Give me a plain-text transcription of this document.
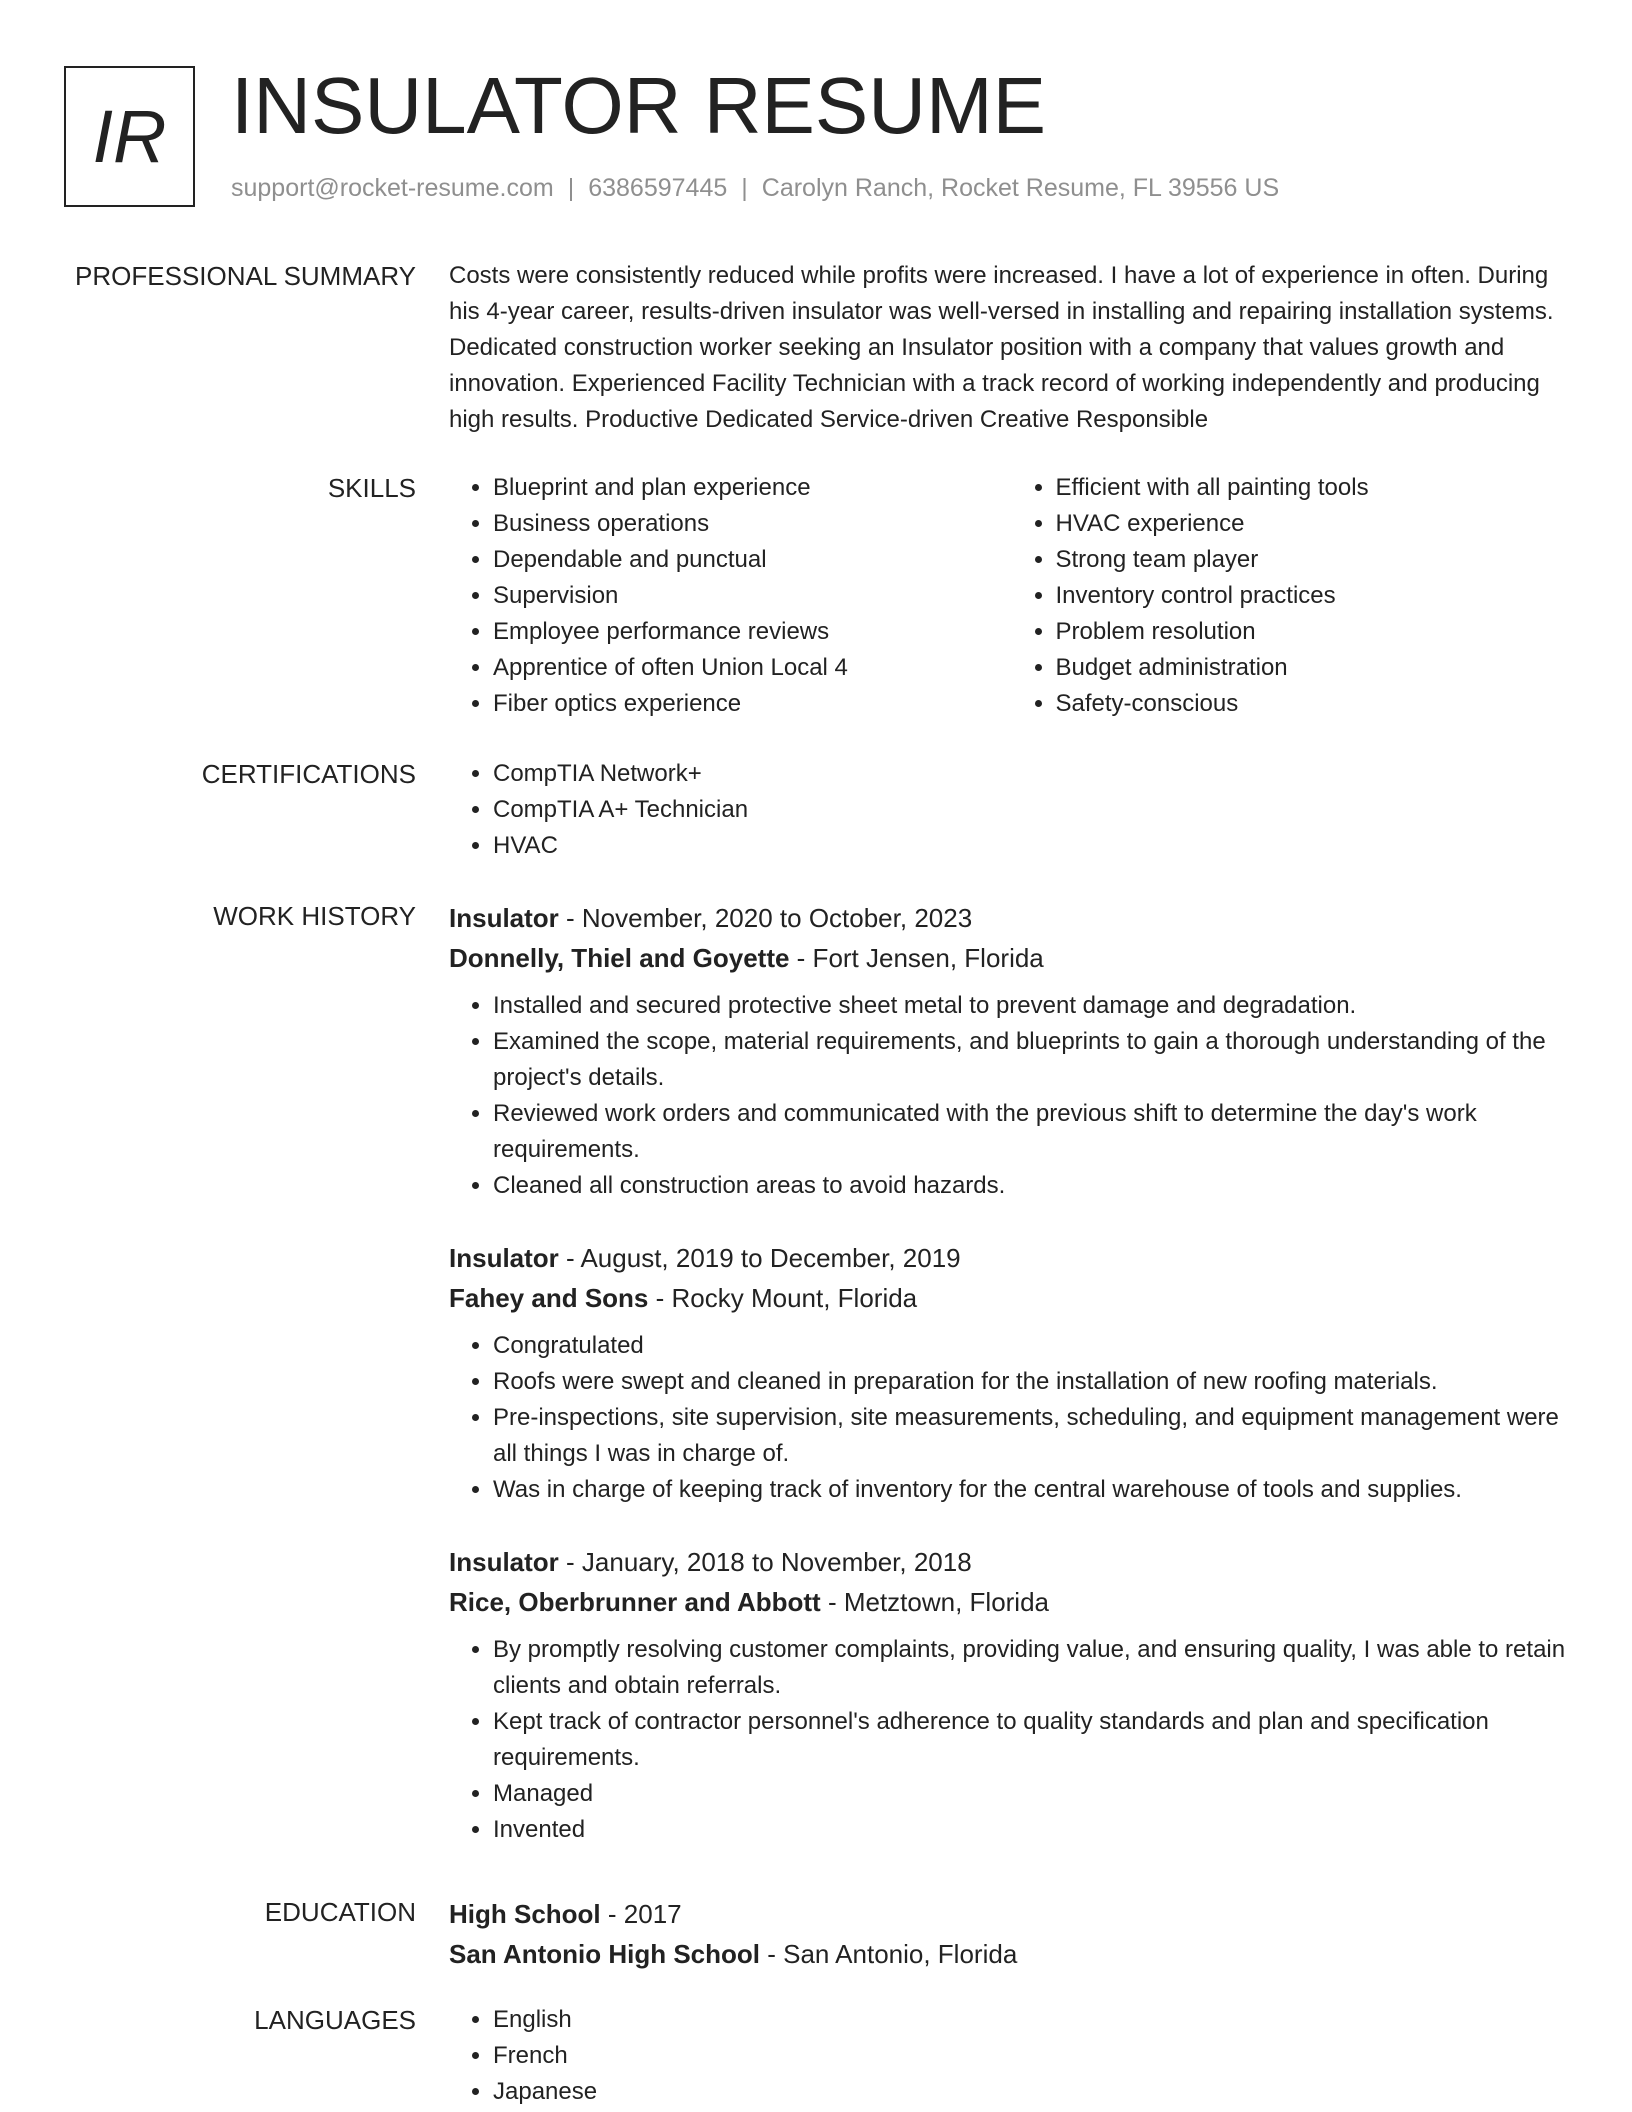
IR INSULATOR RESUME
support@rocket-resume.com | 6386597445 | Carolyn Ranch, Rocket Resume, FL 39556 US
PROFESSIONAL SUMMARY Costs were consistently reduced while profits were increased. I have a lot of experience in often. During his 4-year career, results-driven insulator was well-versed in installing and repairing installation systems. Dedicated construction worker seeking an Insulator position with a company that values growth and innovation. Experienced Facility Technician with a track record of working independently and producing high results. Productive Dedicated Service-driven Creative Responsible
SKILLS	• Blueprint and plan experience
• Business operations
• Dependable and punctual
• Supervision
• Employee performance reviews
• Apprentice of often Union Local 4
• Fiber optics experience
• Efficient with all painting tools
• HVAC experience
• Strong team player
• Inventory control practices
• Problem resolution
• Budget administration
• Safety-conscious
CERTIFICATIONS	• CompTIA Network+
• CompTIA A+ Technician
• HVAC
WORK HISTORY Insulator - November, 2020 to October, 2023
Donnelly, Thiel and Goyette - Fort Jensen, Florida
• Installed and secured protective sheet metal to prevent damage and degradation.
• Examined the scope, material requirements, and blueprints to gain a thorough understanding of the project's details.
• Reviewed work orders and communicated with the previous shift to determine the day's work requirements.
• Cleaned all construction areas to avoid hazards.
Insulator - August, 2019 to December, 2019
Fahey and Sons - Rocky Mount, Florida
• Congratulated
• Roofs were swept and cleaned in preparation for the installation of new roofing materials.
• Pre-inspections, site supervision, site measurements, scheduling, and equipment management were all things I was in charge of.
• Was in charge of keeping track of inventory for the central warehouse of tools and supplies.
Insulator - January, 2018 to November, 2018
Rice, Oberbrunner and Abbott - Metztown, Florida
• By promptly resolving customer complaints, providing value, and ensuring quality, I was able to retain clients and obtain referrals.
• Kept track of contractor personnel's adherence to quality standards and plan and specification requirements.
• Managed
• Invented
EDUCATION High School - 2017
San Antonio High School - San Antonio, Florida
LANGUAGES	• English
• French
• Japanese
